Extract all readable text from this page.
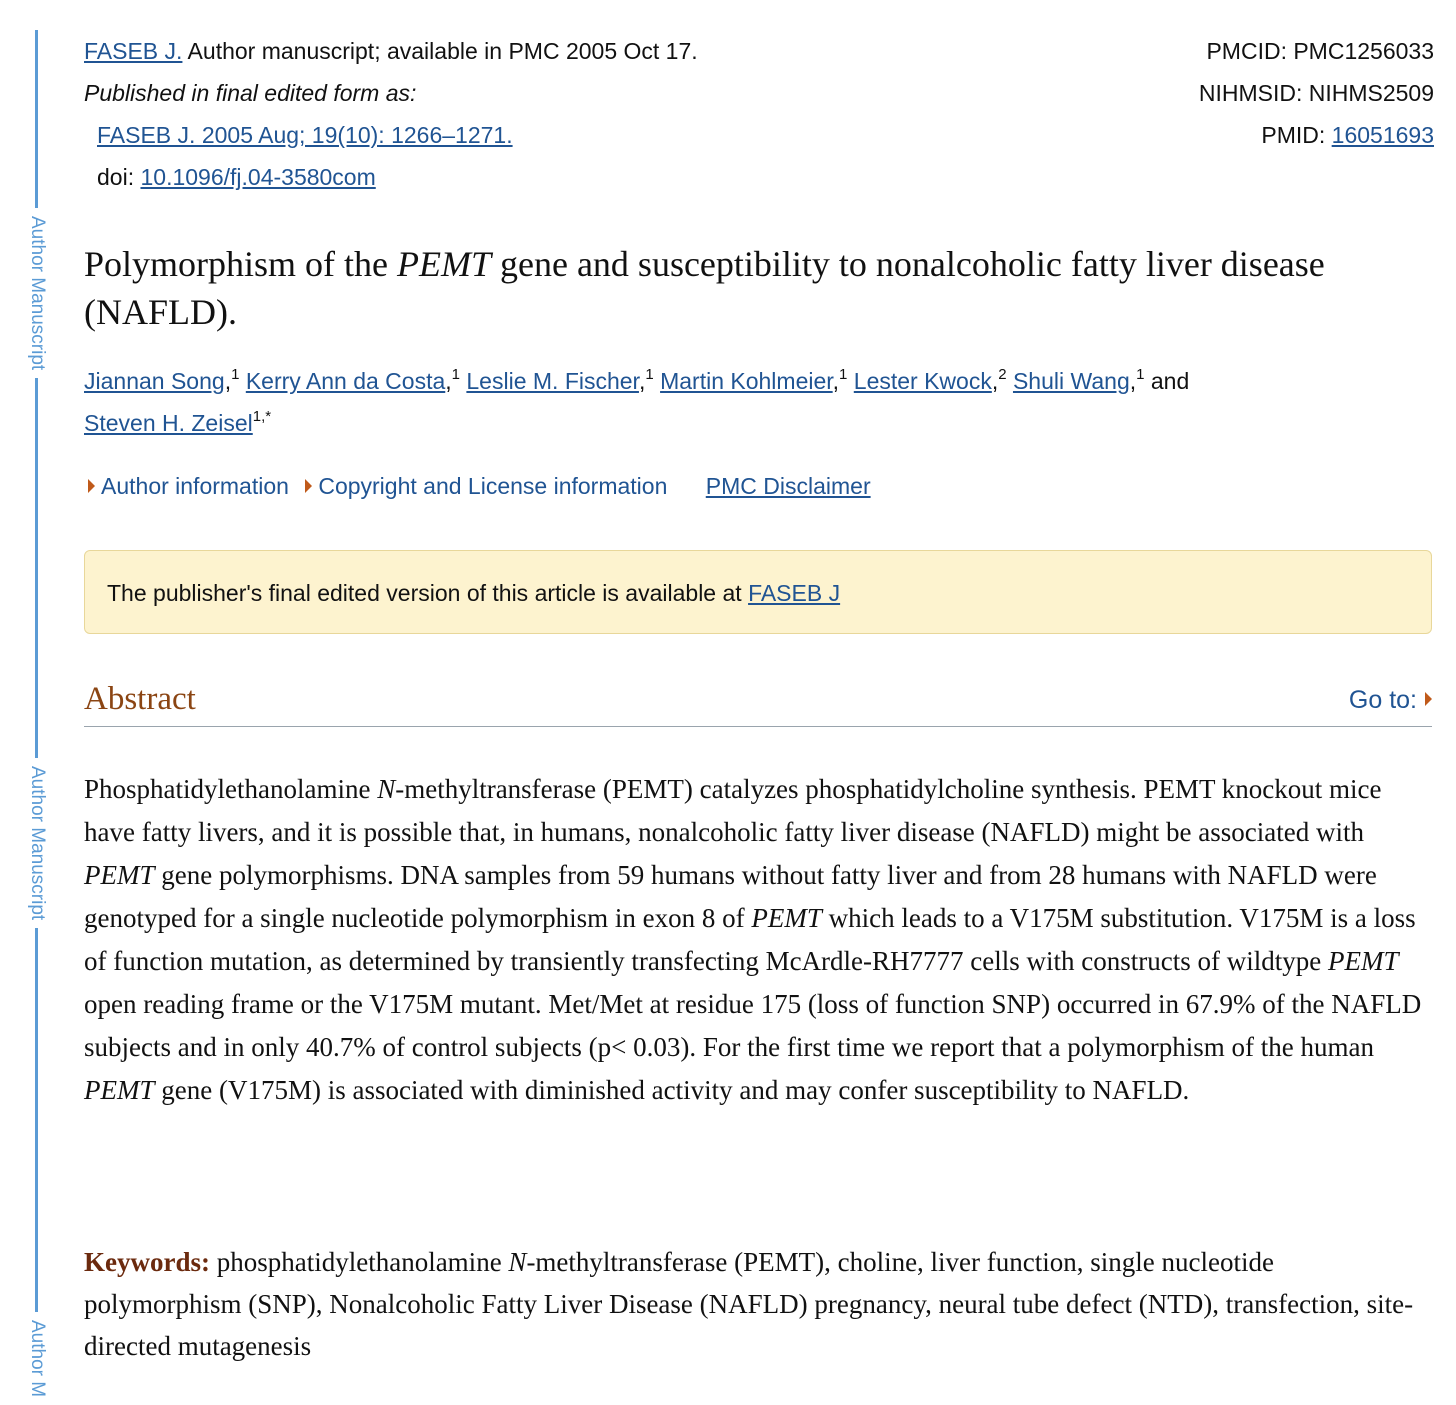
Author Manuscript
Author Manuscript
Author M
FASEB J. Author manuscript; available in PMC 2005 Oct 17.
Published in final edited form as:
FASEB J. 2005 Aug; 19(10): 1266–1271.
doi: 10.1096/fj.04-3580com
PMCID: PMC1256033
NIHMSID: NIHMS2509
PMID: 16051693
Polymorphism of the PEMT gene and susceptibility to nonalcoholic fatty liver disease (NAFLD).
Jiannan Song,$^1$ Kerry Ann da Costa,$^1$ Leslie M. Fischer,$^1$ Martin Kohlmeier,$^1$ Lester Kwock,$^2$ Shuli Wang,$^1$ and
Steven H. Zeisel$^{1,*}$
Author information Copyright and License information PMC Disclaimer
The publisher's final edited version of this article is available at FASEB J
Abstract	Go to:

Phosphatidylethanolamine N-methyltransferase (PEMT) catalyzes phosphatidylcholine synthesis. PEMT knockout mice have fatty livers, and it is possible that, in humans, nonalcoholic fatty liver disease (NAFLD) might be associated with PEMT gene polymorphisms. DNA samples from 59 humans without fatty liver and from 28 humans with NAFLD were genotyped for a single nucleotide polymorphism in exon 8 of PEMT which leads to a V175M substitution. V175M is a loss of function mutation, as determined by transiently transfecting McArdle-RH7777 cells with constructs of wildtype PEMT open reading frame or the V175M mutant. Met/Met at residue 175 (loss of function SNP) occurred in 67.9% of the NAFLD subjects and in only 40.7% of control subjects (p< 0.03). For the first time we report that a polymorphism of the human PEMT gene (V175M) is associated with diminished activity and may confer susceptibility to NAFLD.

Keywords: phosphatidylethanolamine N-methyltransferase (PEMT), choline, liver function, single nucleotide polymorphism (SNP), Nonalcoholic Fatty Liver Disease (NAFLD) pregnancy, neural tube defect (NTD), transfection, site-directed mutagenesis
